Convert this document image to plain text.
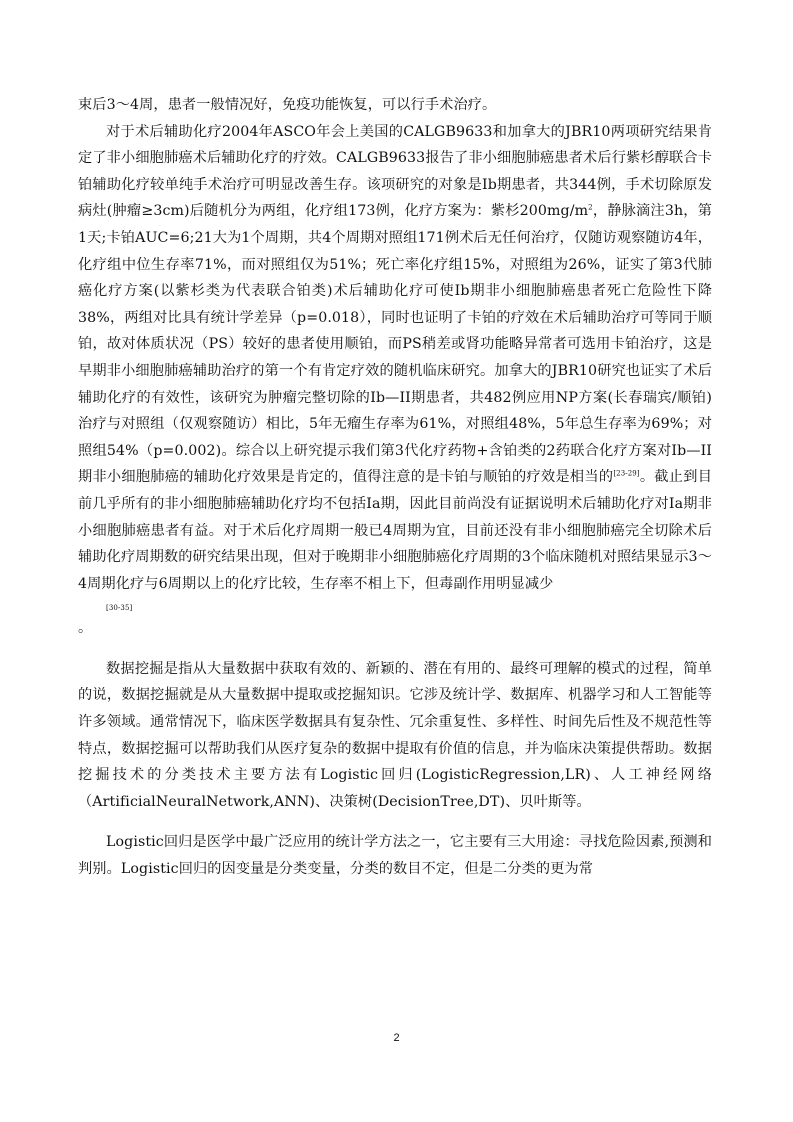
束后3～4周，患者一般情况好，免疫功能恢复，可以行手术治疗。

对于术后辅助化疗2004年ASCO年会上美国的CALGB9633和加拿大的JBR10两项研究结果肯定了非小细胞肺癌术后辅助化疗的疗效。CALGB9633报告了非小细胞肺癌患者术后行紫杉醇联合卡铂辅助化疗较单纯手术治疗可明显改善生存。该项研究的对象是Ib期患者，共344例，手术切除原发病灶(肿瘤≥3cm)后随机分为两组，化疗组173例，化疗方案为：紫杉$200mg/m^2$，静脉滴注3h，第1天;卡铂AUC=6;21大为1个周期，共4个周期对照组171例术后无任何治疗，仅随访观察随访4年，化疗组中位生存率71%，而对照组仅为51%；死亡率化疗组15%，对照组为26%，证实了第3代肺癌化疗方案(以紫杉类为代表联合铂类)术后辅助化疗可使Ib期非小细胞肺癌患者死亡危险性下降38%，两组对比具有统计学差异（p=0.018），同时也证明了卡铂的疗效在术后辅助治疗可等同于顺铂，故对体质状况（PS）较好的患者使用顺铂，而PS稍差或肾功能略异常者可选用卡铂治疗，这是早期非小细胞肺癌辅助治疗的第一个有肯定疗效的随机临床研究。加拿大的JBR10研究也证实了术后辅助化疗的有效性，该研究为肿瘤完整切除的Ib—II期患者，共482例应用NP方案(长春瑞宾/顺铂)治疗与对照组（仅观察随访）相比，5年无瘤生存率为61%，对照组48%，5年总生存率为69%；对照组54%（p=0.002)。综合以上研究提示我们第3代化疗药物+含铂类的2药联合化疗方案对Ib—II期非小细胞肺癌的辅助化疗效果是肯定的，值得注意的是卡铂与顺铂的疗效是相当的[23-29]。截止到目前几乎所有的非小细胞肺癌辅助化疗均不包括Ia期，因此目前尚没有证据说明术后辅助化疗对Ia期非小细胞肺癌患者有益。对于术后化疗周期一般已4周期为宜，目前还没有非小细胞肺癌完全切除术后辅助化疗周期数的研究结果出现，但对于晚期非小细胞肺癌化疗周期的3个临床随机对照结果显示3～4周期化疗与6周期以上的化疗比较，生存率不相上下，但毒副作用明显减少
[30-35]
。

数据挖掘是指从大量数据中获取有效的、新颖的、潜在有用的、最终可理解的模式的过程，简单的说，数据挖掘就是从大量数据中提取或挖掘知识。它涉及统计学、数据库、机器学习和人工智能等许多领域。通常情况下，临床医学数据具有复杂性、冗余重复性、多样性、时间先后性及不规范性等特点，数据挖掘可以帮助我们从医疗复杂的数据中提取有价值的信息，并为临床决策提供帮助。数据挖掘技术的分类技术主要方法有Logistic回归(LogisticRegression,LR)、人工神经网络（ArtificialNeuralNetwork,ANN)、决策树(DecisionTree,DT)、贝叶斯等。

Logistic回归是医学中最广泛应用的统计学方法之一，它主要有三大用途：寻找危险因素,预测和判别。Logistic回归的因变量是分类变量，分类的数目不定，但是二分类的更为常

2
